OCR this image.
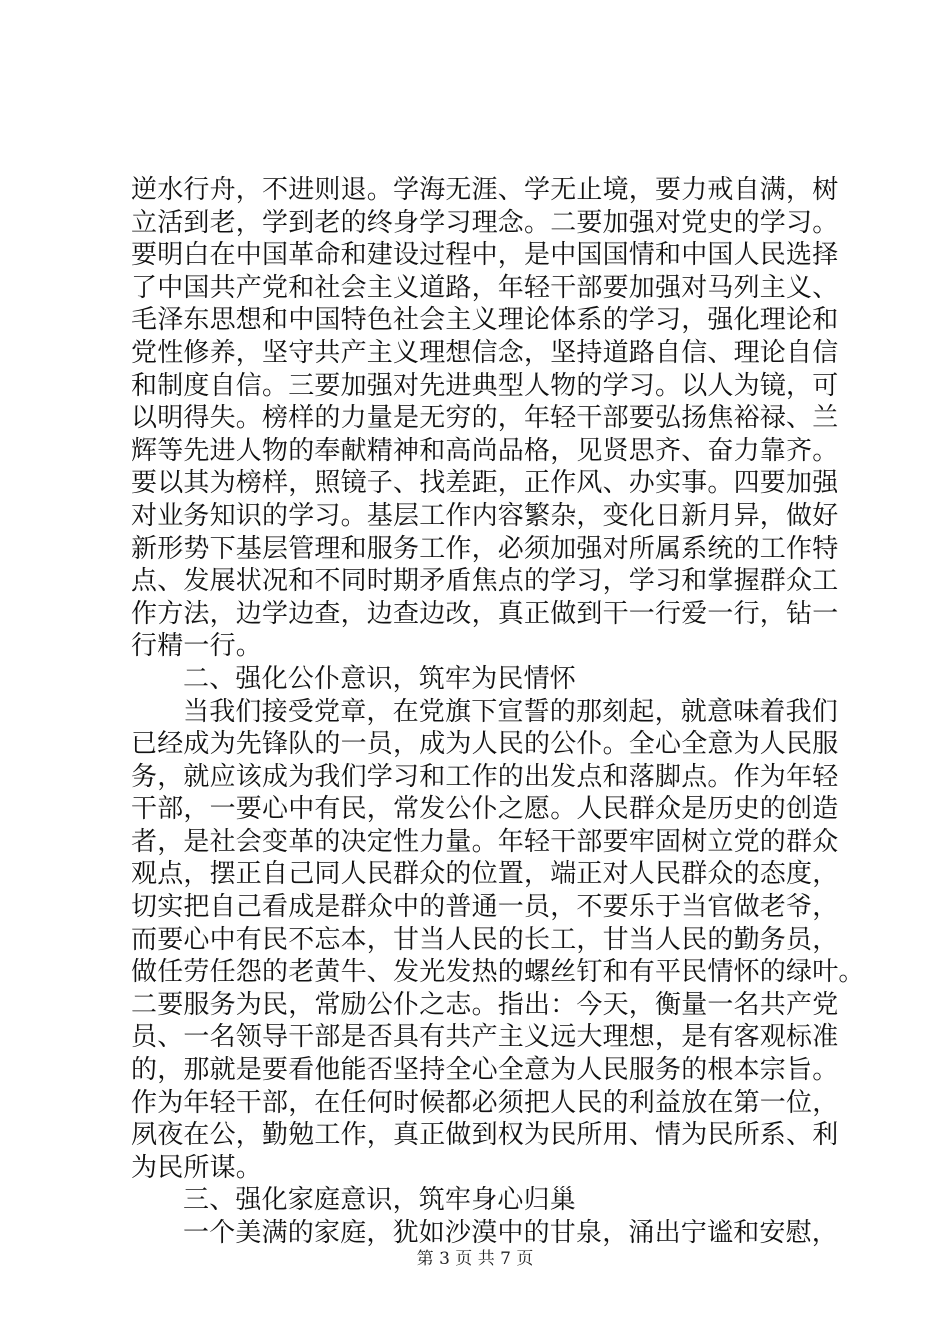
逆水行舟，不进则退。学海无涯、学无止境，要力戒自满，树
立活到老，学到老的终身学习理念。二要加强对党史的学习。
要明白在中国革命和建设过程中，是中国国情和中国人民选择
了中国共产党和社会主义道路，年轻干部要加强对马列主义、
毛泽东思想和中国特色社会主义理论体系的学习，强化理论和
党性修养，坚守共产主义理想信念，坚持道路自信、理论自信
和制度自信。三要加强对先进典型人物的学习。以人为镜，可
以明得失。榜样的力量是无穷的，年轻干部要弘扬焦裕禄、兰
辉等先进人物的奉献精神和高尚品格，见贤思齐、奋力靠齐。
要以其为榜样，照镜子、找差距，正作风、办实事。四要加强
对业务知识的学习。基层工作内容繁杂，变化日新月异，做好
新形势下基层管理和服务工作，必须加强对所属系统的工作特
点、发展状况和不同时期矛盾焦点的学习，学习和掌握群众工
作方法，边学边查，边查边改，真正做到干一行爱一行，钻一
行精一行。
二、强化公仆意识，筑牢为民情怀
当我们接受党章，在党旗下宣誓的那刻起，就意味着我们
已经成为先锋队的一员，成为人民的公仆。全心全意为人民服
务，就应该成为我们学习和工作的出发点和落脚点。作为年轻
干部，一要心中有民，常发公仆之愿。人民群众是历史的创造
者，是社会变革的决定性力量。年轻干部要牢固树立党的群众
观点，摆正自己同人民群众的位置，端正对人民群众的态度，
切实把自己看成是群众中的普通一员，不要乐于当官做老爷，
而要心中有民不忘本，甘当人民的长工，甘当人民的勤务员，
做任劳任怨的老黄牛、发光发热的螺丝钉和有平民情怀的绿叶。
二要服务为民，常励公仆之志。指出：今天，衡量一名共产党
员、一名领导干部是否具有共产主义远大理想，是有客观标准
的，那就是要看他能否坚持全心全意为人民服务的根本宗旨。
作为年轻干部，在任何时候都必须把人民的利益放在第一位，
夙夜在公，勤勉工作，真正做到权为民所用、情为民所系、利
为民所谋。
三、强化家庭意识，筑牢身心归巢
一个美满的家庭，犹如沙漠中的甘泉，涌出宁谧和安慰，
第 3 页 共 7 页
